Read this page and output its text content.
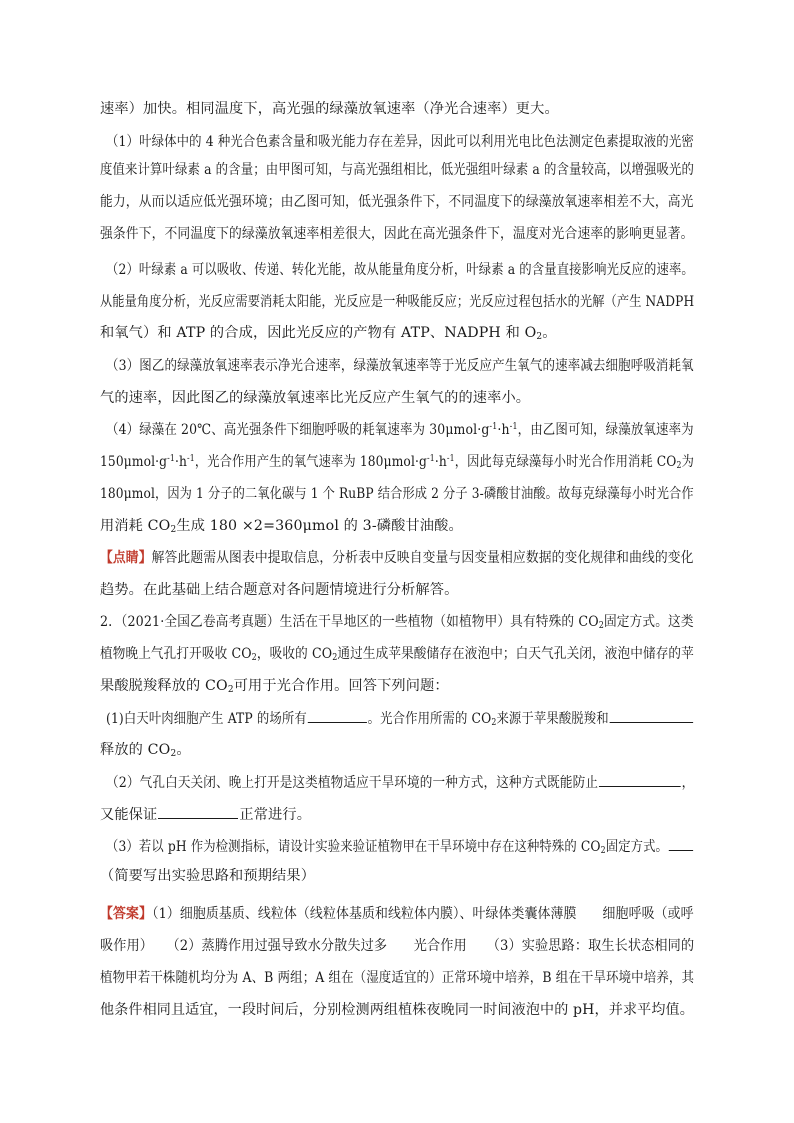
速率）加快。相同温度下，高光强的绿藻放氧速率（净光合速率）更大。
（1）叶绿体中的 4 种光合色素含量和吸光能力存在差异，因此可以利用光电比色法测定色素提取液的光密
度值来计算叶绿素 a 的含量；由甲图可知，与高光强组相比，低光强组叶绿素 a 的含量较高，以增强吸光的
能力，从而以适应低光强环境；由乙图可知，低光强条件下，不同温度下的绿藻放氧速率相差不大，高光
强条件下，不同温度下的绿藻放氧速率相差很大，因此在高光强条件下，温度对光合速率的影响更显著。
（2）叶绿素 a 可以吸收、传递、转化光能，故从能量角度分析，叶绿素 a 的含量直接影响光反应的速率。
从能量角度分析，光反应需要消耗太阳能，光反应是一种吸能反应；光反应过程包括水的光解（产生 NADPH
和氧气）和 ATP 的合成，因此光反应的产物有 ATP、NADPH 和 $O_2$。
（3）图乙的绿藻放氧速率表示净光合速率，绿藻放氧速率等于光反应产生氧气的速率减去细胞呼吸消耗氧
气的速率，因此图乙的绿藻放氧速率比光反应产生氧气的的速率小。
（4）绿藻在 20℃、高光强条件下细胞呼吸的耗氧速率为 $30\mu mol\cdot g^{-1}\cdot h^{-1}$，由乙图可知，绿藻放氧速率为
$150\mu mol\cdot g^{-1}\cdot h^{-1}$，光合作用产生的氧气速率为 $180\mu mol\cdot g^{-1}\cdot h^{-1}$，因此每克绿藻每小时光合作用消耗 $CO_2$为
180μmol，因为 1 分子的二氧化碳与 1 个 RuBP 结合形成 2 分子 3-磷酸甘油酸。故每克绿藻每小时光合作
用消耗 $CO_2$生成 180 ×2=360μmol 的 3-磷酸甘油酸。
【点睛】解答此题需从图表中提取信息，分析表中反映自变量与因变量相应数据的变化规律和曲线的变化
趋势。在此基础上结合题意对各问题情境进行分析解答。
2．（2021·全国乙卷高考真题）生活在干旱地区的一些植物（如植物甲）具有特殊的 $CO_2$固定方式。这类
植物晚上气孔打开吸收 $CO_2$，吸收的 $CO_2$通过生成苹果酸储存在液泡中；白天气孔关闭，液泡中储存的苹
果酸脱羧释放的 $CO_2$可用于光合作用。回答下列问题：
(1)白天叶肉细胞产生 ATP 的场所有	。光合作用所需的 $CO_2$来源于苹果酸脱羧和
释放的 $CO_2$。
（2）气孔白天关闭、晚上打开是这类植物适应干旱环境的一种方式，这种方式既能防止	，
又能保证	正常进行。
（3）若以 pH 作为检测指标，请设计实验来验证植物甲在干旱环境中存在这种特殊的 $CO_2$固定方式。
（简要写出实验思路和预期结果）
【答案】（1）细胞质基质、线粒体（线粒体基质和线粒体内膜）、叶绿体类囊体薄膜　　细胞呼吸（或呼
吸作用）　　（2）蒸腾作用过强导致水分散失过多　　光合作用　　（3）实验思路：取生长状态相同的
植物甲若干株随机均分为 A、B 两组；A 组在（湿度适宜的）正常环境中培养，B 组在干旱环境中培养，其
他条件相同且适宜，一段时间后，分别检测两组植株夜晚同一时间液泡中的 pH，并求平均值。
